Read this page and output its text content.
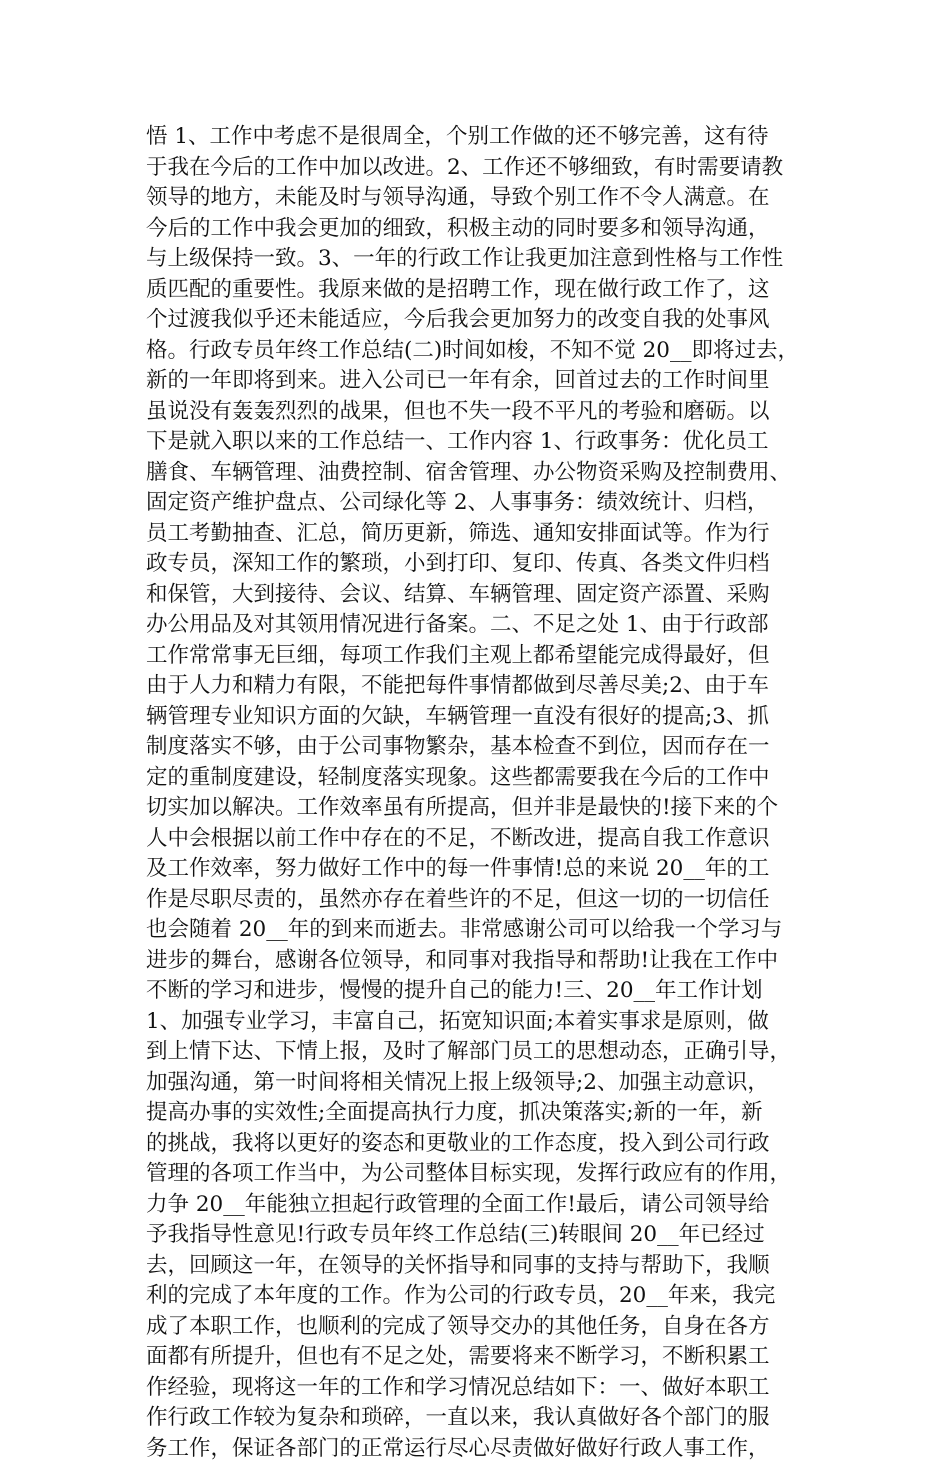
悟 1、工作中考虑不是很周全，个别工作做的还不够完善，这有待
于我在今后的工作中加以改进。2、工作还不够细致，有时需要请教
领导的地方，未能及时与领导沟通，导致个别工作不令人满意。在
今后的工作中我会更加的细致，积极主动的同时要多和领导沟通，
与上级保持一致。3、一年的行政工作让我更加注意到性格与工作性
质匹配的重要性。我原来做的是招聘工作，现在做行政工作了，这
个过渡我似乎还未能适应，今后我会更加努力的改变自我的处事风
格。行政专员年终工作总结(二)时间如梭，不知不觉 20__即将过去，
新的一年即将到来。进入公司已一年有余，回首过去的工作时间里
虽说没有轰轰烈烈的战果，但也不失一段不平凡的考验和磨砺。以
下是就入职以来的工作总结一、工作内容 1、行政事务：优化员工
膳食、车辆管理、油费控制、宿舍管理、办公物资采购及控制费用、
固定资产维护盘点、公司绿化等 2、人事事务：绩效统计、归档，
员工考勤抽查、汇总，简历更新，筛选、通知安排面试等。作为行
政专员，深知工作的繁琐，小到打印、复印、传真、各类文件归档
和保管，大到接待、会议、结算、车辆管理、固定资产添置、采购
办公用品及对其领用情况进行备案。二、不足之处 1、由于行政部
工作常常事无巨细，每项工作我们主观上都希望能完成得最好，但
由于人力和精力有限，不能把每件事情都做到尽善尽美;2、由于车
辆管理专业知识方面的欠缺，车辆管理一直没有很好的提高;3、抓
制度落实不够，由于公司事物繁杂，基本检查不到位，因而存在一
定的重制度建设，轻制度落实现象。这些都需要我在今后的工作中
切实加以解决。工作效率虽有所提高，但并非是最快的!接下来的个
人中会根据以前工作中存在的不足，不断改进，提高自我工作意识
及工作效率，努力做好工作中的每一件事情!总的来说 20__年的工
作是尽职尽责的，虽然亦存在着些许的不足，但这一切的一切信任
也会随着 20__年的到来而逝去。非常感谢公司可以给我一个学习与
进步的舞台，感谢各位领导，和同事对我指导和帮助!让我在工作中
不断的学习和进步，慢慢的提升自己的能力!三、20__年工作计划
1、加强专业学习，丰富自己，拓宽知识面;本着实事求是原则，做
到上情下达、下情上报，及时了解部门员工的思想动态，正确引导，
加强沟通，第一时间将相关情况上报上级领导;2、加强主动意识，
提高办事的实效性;全面提高执行力度，抓决策落实;新的一年，新
的挑战，我将以更好的姿态和更敬业的工作态度，投入到公司行政
管理的各项工作当中，为公司整体目标实现，发挥行政应有的作用，
力争 20__年能独立担起行政管理的全面工作!最后，请公司领导给
予我指导性意见!行政专员年终工作总结(三)转眼间 20__年已经过
去，回顾这一年，在领导的关怀指导和同事的支持与帮助下，我顺
利的完成了本年度的工作。作为公司的行政专员，20__年来，我完
成了本职工作，也顺利的完成了领导交办的其他任务，自身在各方
面都有所提升，但也有不足之处，需要将来不断学习，不断积累工
作经验，现将这一年的工作和学习情况总结如下：一、做好本职工
作行政工作较为复杂和琐碎，一直以来，我认真做好各个部门的服
务工作，保证各部门的正常运行尽心尽责做好做好行政人事工作，
